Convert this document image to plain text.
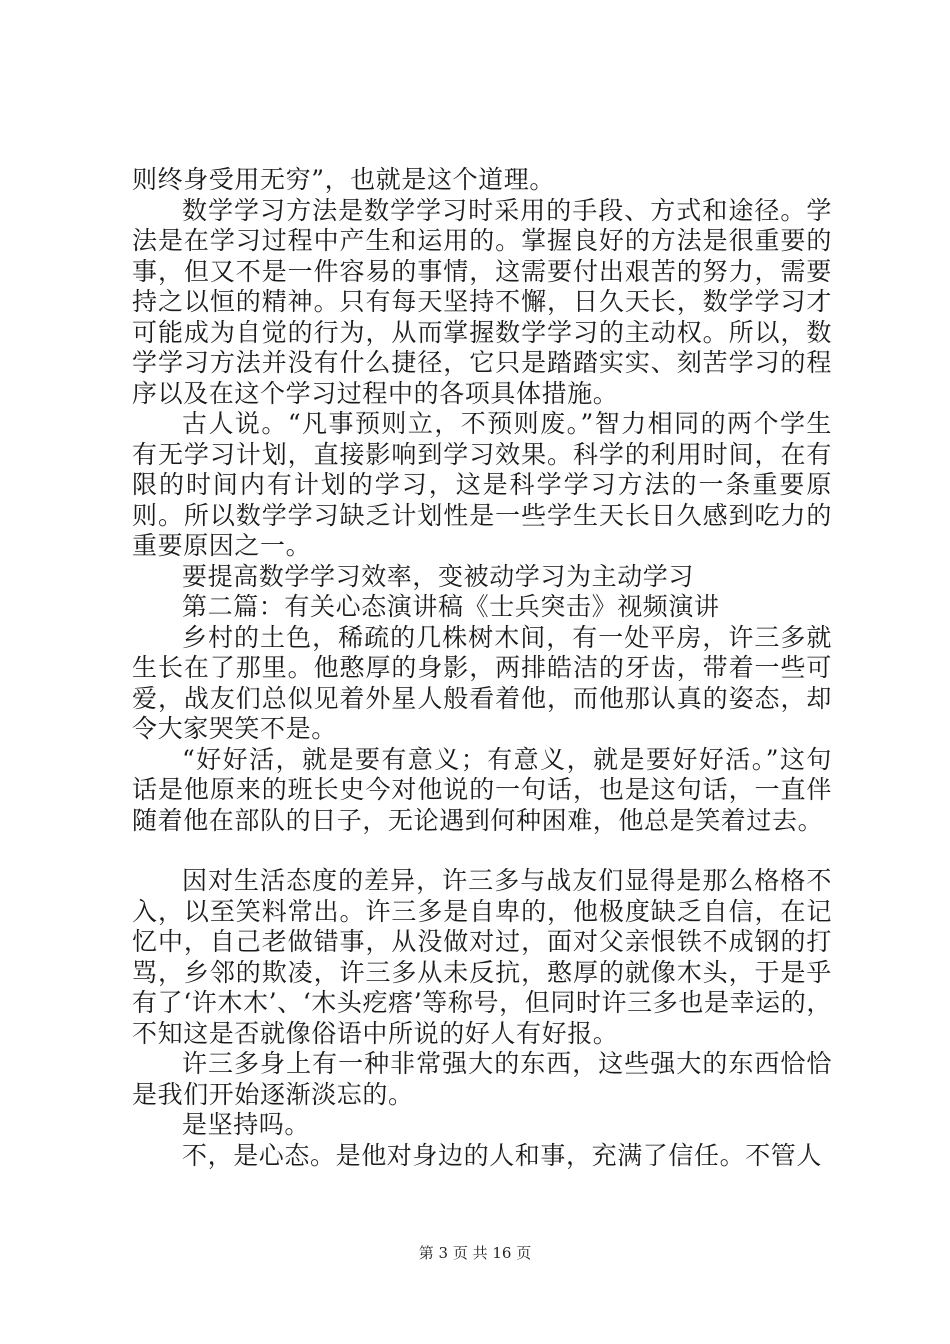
则终身受用无穷”，也就是这个道理。

数学学习方法是数学学习时采用的手段、方式和途径。学法是在学习过程中产生和运用的。掌握良好的方法是很重要的事，但又不是一件容易的事情，这需要付出艰苦的努力，需要持之以恒的精神。只有每天坚持不懈，日久天长，数学学习才可能成为自觉的行为，从而掌握数学学习的主动权。所以，数学学习方法并没有什么捷径，它只是踏踏实实、刻苦学习的程序以及在这个学习过程中的各项具体措施。

古人说。“凡事预则立，不预则废。”智力相同的两个学生有无学习计划，直接影响到学习效果。科学的利用时间，在有限的时间内有计划的学习，这是科学学习方法的一条重要原则。所以数学学习缺乏计划性是一些学生天长日久感到吃力的重要原因之一。

要提高数学学习效率，变被动学习为主动学习

第二篇：有关心态演讲稿《士兵突击》视频演讲

乡村的土色，稀疏的几株树木间，有一处平房，许三多就生长在了那里。他憨厚的身影，两排皓洁的牙齿，带着一些可爱，战友们总似见着外星人般看着他，而他那认真的姿态，却令大家哭笑不是。

“好好活，就是要有意义；有意义，就是要好好活。”这句话是他原来的班长史今对他说的一句话，也是这句话，一直伴随着他在部队的日子，无论遇到何种困难，他总是笑着过去。

因对生活态度的差异，许三多与战友们显得是那么格格不入，以至笑料常出。许三多是自卑的，他极度缺乏自信，在记忆中，自己老做错事，从没做对过，面对父亲恨铁不成钢的打骂，乡邻的欺凌，许三多从未反抗，憨厚的就像木头，于是乎有了‘许木木’、‘木头疙瘩’等称号，但同时许三多也是幸运的，不知这是否就像俗语中所说的好人有好报。

许三多身上有一种非常强大的东西，这些强大的东西恰恰是我们开始逐渐淡忘的。

是坚持吗。

不，是心态。是他对身边的人和事，充满了信任。不管人

第 3 页 共 16 页
